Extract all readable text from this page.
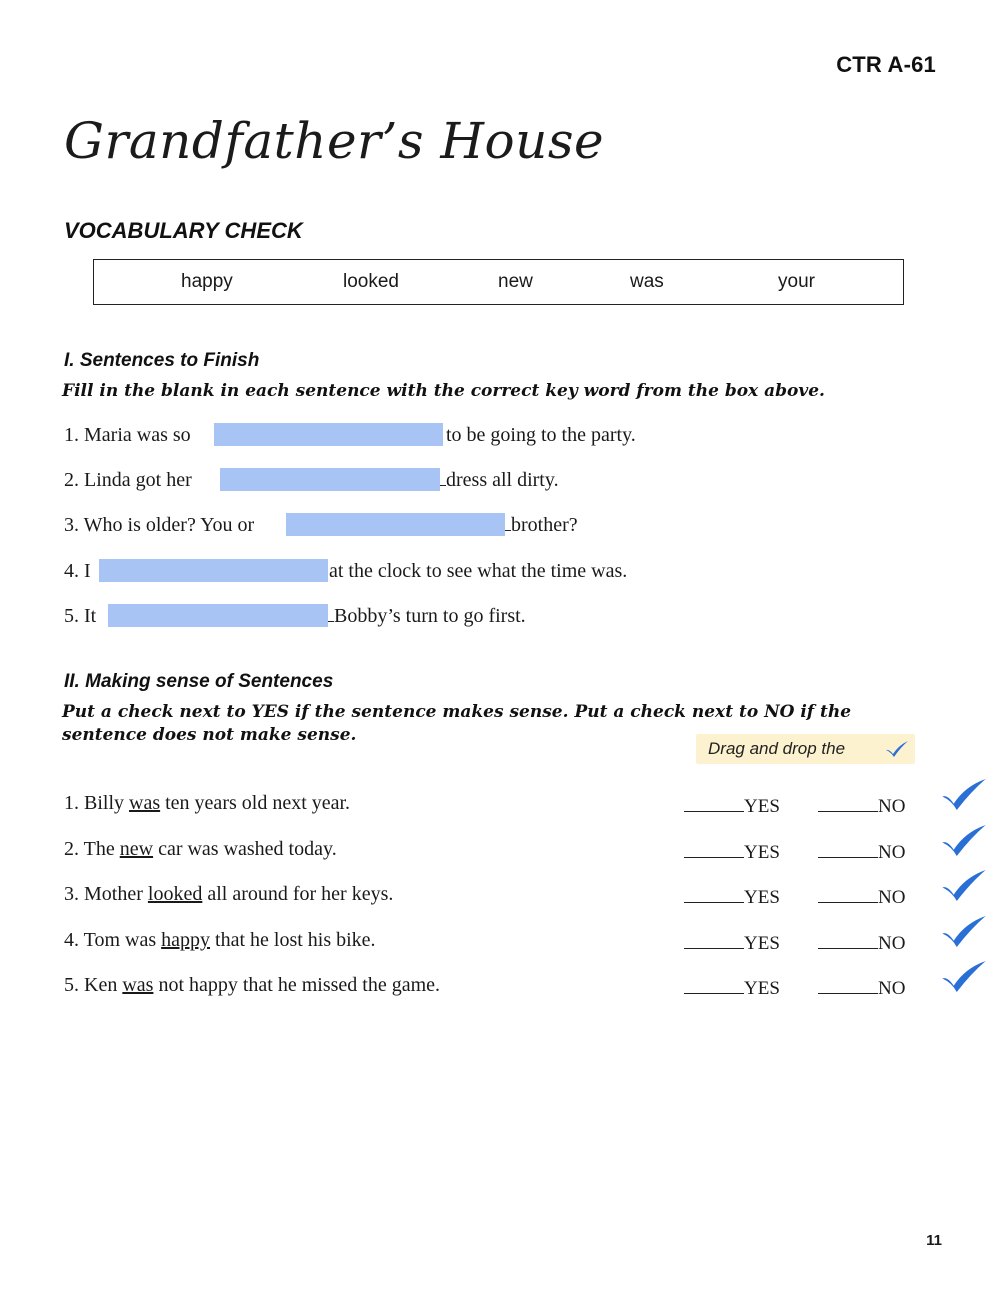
CTR A-61
Grandfather’s House
VOCABULARY CHECK
happy	looked	new	was	your
I. Sentences to Finish
Fill in the blank in each sentence with the correct key word from the box above.
1. Maria was so	to be going to the party.
2. Linda got her	dress all dirty.
3. Who is older? You or	brother?
4. I	at the clock to see what the time was.
5. It	Bobby’s turn to go first.
II. Making sense of Sentences
Put a check next to YES if the sentence makes sense. Put a check next to NO if the
sentence does not make sense.
Drag and drop the
1. Billy was ten years old next year.	YES	NO
2. The new car was washed today.	YES	NO
3. Mother looked all around for her keys.	YES	NO
4. Tom was happy that he lost his bike.	YES	NO
5. Ken was not happy that he missed the game.	YES	NO
11
